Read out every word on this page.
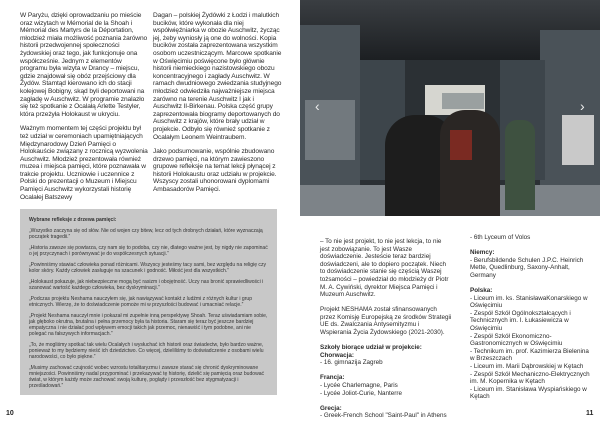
W Paryżu, dzięki oprowadzaniu po mieście oraz wizytach w Mémorial de la Shoah i Mémorial des Martyrs de la Déportation, młodzież miała możliwość poznania żarówno historii przedwojennej społeczności żydowskiej oraz tego, jak funkcjonuje ona współcześnie. Jednym z elementów programu była wizyta w Drancy – miejscu, gdzie znajdował się obóz przejściowy dla Żydów. Stamtąd kierowano ich do stacji kolejowej Bobigny, skąd byli deportowani na zagładę w Auschwitz. W programie znalazło się też spotkanie z Ocalałą Arlette Testyler, która przeżyła Holokaust w ukryciu.

Ważnym momentem tej części projektu był też udział w ceremoniach upamiętniających Międzynarodowy Dzień Pamięci o Holokauście związany z rocznicą wyzwolenia Auschwitz. Młodzież prezentowała również muzea i miejsca pamięci, które poznawała w trakcie projektu. Uczniowie i uczennice z Polski do prezentacji o Muzeum i Miejscu Pamięci Auschwitz wykorzystali historię Ocalałej Batszewy

Dagan – polskiej Żydówki z Łodzi i malutkich bucików, które wykonała dla niej współwięźniarka w obozie Auschwitz, życząc jej, żeby wyniosły ją one do wolności. Kopia bucików została zaprezentowana wszystkim osobom uczestniczącym. Marcowe spotkanie w Oświęcimiu poświęcone było głównie historii niemieckiego nazistowskiego obozu koncentracyjnego i zagłady Auschwitz. W ramach dwudniowego zwiedzania studyjnego młodzież odwiedziła najważniejsze miejsca zarówno na terenie Auschwitz I jak i Auschwitz II-Birkenau. Polska część grupy zaprezentowała biogramy deportowanych do Auschwitz z krajów, które brały udział w projekcie. Odbyło się również spotkanie z Ocalałym Leonem Weintraubem.

Jako podsumowanie, wspólnie zbudowano drzewo pamięci, na którym zawieszono grupowe refleksje na temat lekcji płynącej z historii Holokaustu oraz udziału w projekcie. Wszyscy zostali uhonorowani dyplomami Ambasadorów Pamięci.

Wybrane refleksje z drzewa pamięci:

„Wszystko zaczyna się od słów. Nie od wojen czy bitew, lecz od tych drobnych działań, które wyznaczają początek tragedii.”

„Historia zawsze się powtarza, czy nam się to podoba, czy nie, dlatego ważne jest, by nigdy nie zapominać o jej przyczynach i porównywać je do współczesnych sytuacji.”

„Powinniśmy stawiać człowieka ponad różnicami. Wszyscy jesteśmy tacy sami, bez względu na religię czy kolor skóry. Każdy człowiek zasługuje na szacunek i godność. Miłość jest dla wszystkich.”

„Holokaust pokazuje, jak niebezpieczne mogą być rasizm i obojętność. Uczy nas bronić sprawiedliwości i szanować wartość każdego człowieka, bez dyskryminacji.”

„Podczas projektu Neshama nauczyłem się, jak nawiązywać kontakt z ludźmi z różnych kultur i grup etnicznych. Wierzę, że to doświadczenie pomoże mi w przyszłości budować i umacniać relacje.”

„Projekt Neshama nauczył mnie i pokazał mi zupełnie inną perspektywę Shoah. Teraz uświadamiam sobie, jak głęboko okrutna, brutalna i pełna przemocy była ta historia. Staram się teraz być jeszcze bardziej empatyczna i nie działać pod wpływem emocji takich jak przemoc, nienawiść i tym podobne, ani nie polegać na fałszywych informacjach.”

„To, że mogliśmy spotkać tak wielu Ocalałych i wysłuchać ich historii oraz świadectw, było bardzo ważne, ponieważ to my będziemy nieść ich dziedzictwo. Co więcej, dzieliliśmy to doświadczenie z osobami wielu narodowości, co było piękne.”

„Musimy zachować czujność wobec wzrostu totalitaryzmu i zawsze starać się chronić dyskryminowane mniejszości. Powinniśmy nadal przypominać i przekazywać tę historię, dzielić się pamięcią oraz budować świat, w którym każdy może zachować swoją kulturę, poglądy i przeszłość bez stygmatyzacji i prześladowań.”

10
‹	›

– To nie jest projekt, to nie jest lekcja, to nie jest zobowiązanie. To jest Wasze doświadczenie. Jesteście teraz bardziej doświadczeni, ale to dopiero początek. Niech to doświadczenie stanie się częścią Waszej tożsamości – powiedział do młodzieży dr Piotr M. A. Cywiński, dyrektor Miejsca Pamięci i Muzeum Auschwitz.

Projekt NESHAMA został sfinansowanych przez Komisję Europejską ze środków Strategii UE ds. Zwalczania Antysemityzmu i Wspierania Życia Żydowskiego (2021-2030).

Szkoły biorące udział w projekcie:
Chorwacja:

- 16. gimnazija Zagreb

Francja:
- Lycée Charlemagne, Paris

- Lycée Joliot-Curie, Nanterre

Grecja:
- Greek-French School "Saint-Paul" in Athens

- 6th Lyceum of Volos

Niemcy:

- Berufsbildende Schulen J.P.C. Heinrich Mette, Quedlinburg, Saxony-Anhalt, Germany

Polska:
- Liceum im. ks. StanisławaKonarskiego w Oświęcimiu
- Zespół Szkół Ogólnokształcących i Technicznych im. I. Łukasiewicza w Oświęcimiu
- Zespół Szkół Ekonomiczno-Gastronomicznych w Oświęcimiu
- Technikum im. prof. Kazimierza Bielenina w Brzeszczach
- Liceum im. Marii Dąbrowskiej w Kętach
- Zespół Szkół Mechaniczno-Elektrycznych im. M. Kopernika w Kętach
- Liceum im. Stanisława Wyspiańskiego w Kętach
11
